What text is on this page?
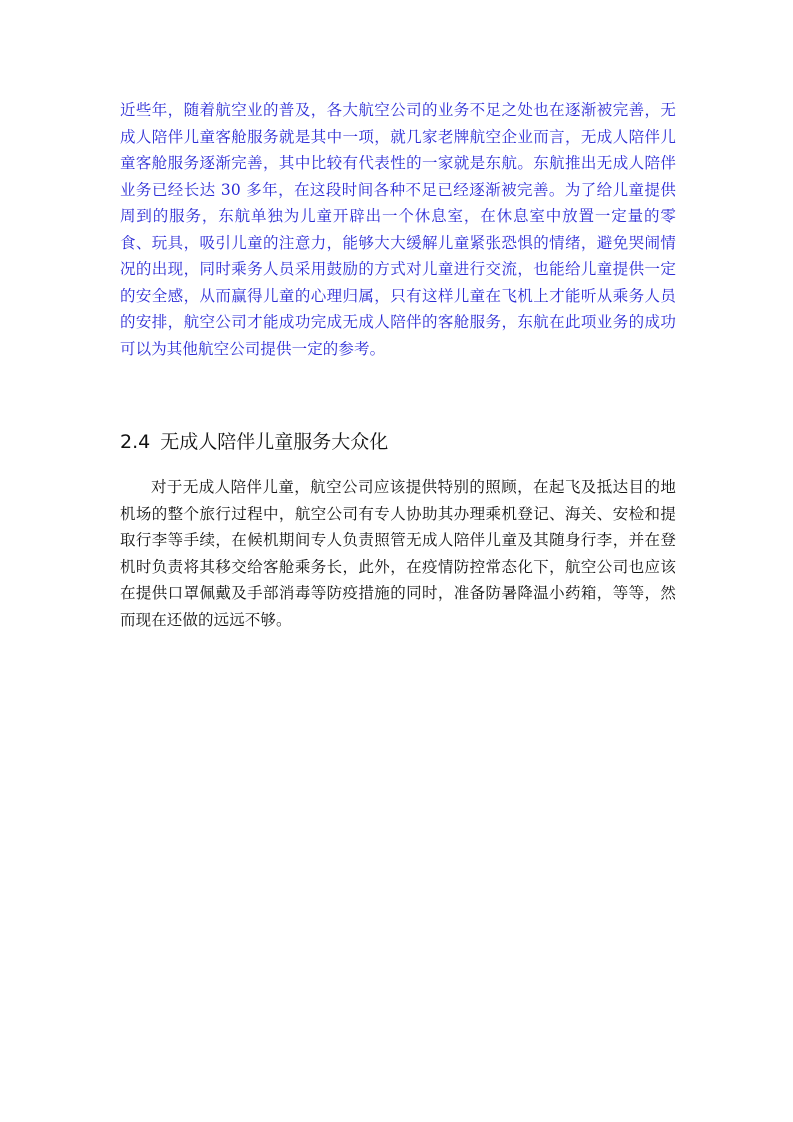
近些年，随着航空业的普及，各大航空公司的业务不足之处也在逐渐被完善，无成人陪伴儿童客舱服务就是其中一项，就几家老牌航空企业而言，无成人陪伴儿童客舱服务逐渐完善，其中比较有代表性的一家就是东航。东航推出无成人陪伴业务已经长达 30 多年，在这段时间各种不足已经逐渐被完善。为了给儿童提供周到的服务，东航单独为儿童开辟出一个休息室，在休息室中放置一定量的零食、玩具，吸引儿童的注意力，能够大大缓解儿童紧张恐惧的情绪，避免哭闹情况的出现，同时乘务人员采用鼓励的方式对儿童进行交流，也能给儿童提供一定的安全感，从而赢得儿童的心理归属，只有这样儿童在飞机上才能听从乘务人员的安排，航空公司才能成功完成无成人陪伴的客舱服务，东航在此项业务的成功可以为其他航空公司提供一定的参考。

2.4 无成人陪伴儿童服务大众化

对于无成人陪伴儿童，航空公司应该提供特别的照顾，在起飞及抵达目的地机场的整个旅行过程中，航空公司有专人协助其办理乘机登记、海关、安检和提取行李等手续，在候机期间专人负责照管无成人陪伴儿童及其随身行李，并在登机时负责将其移交给客舱乘务长，此外，在疫情防控常态化下，航空公司也应该在提供口罩佩戴及手部消毒等防疫措施的同时，准备防暑降温小药箱，等等，然而现在还做的远远不够。
